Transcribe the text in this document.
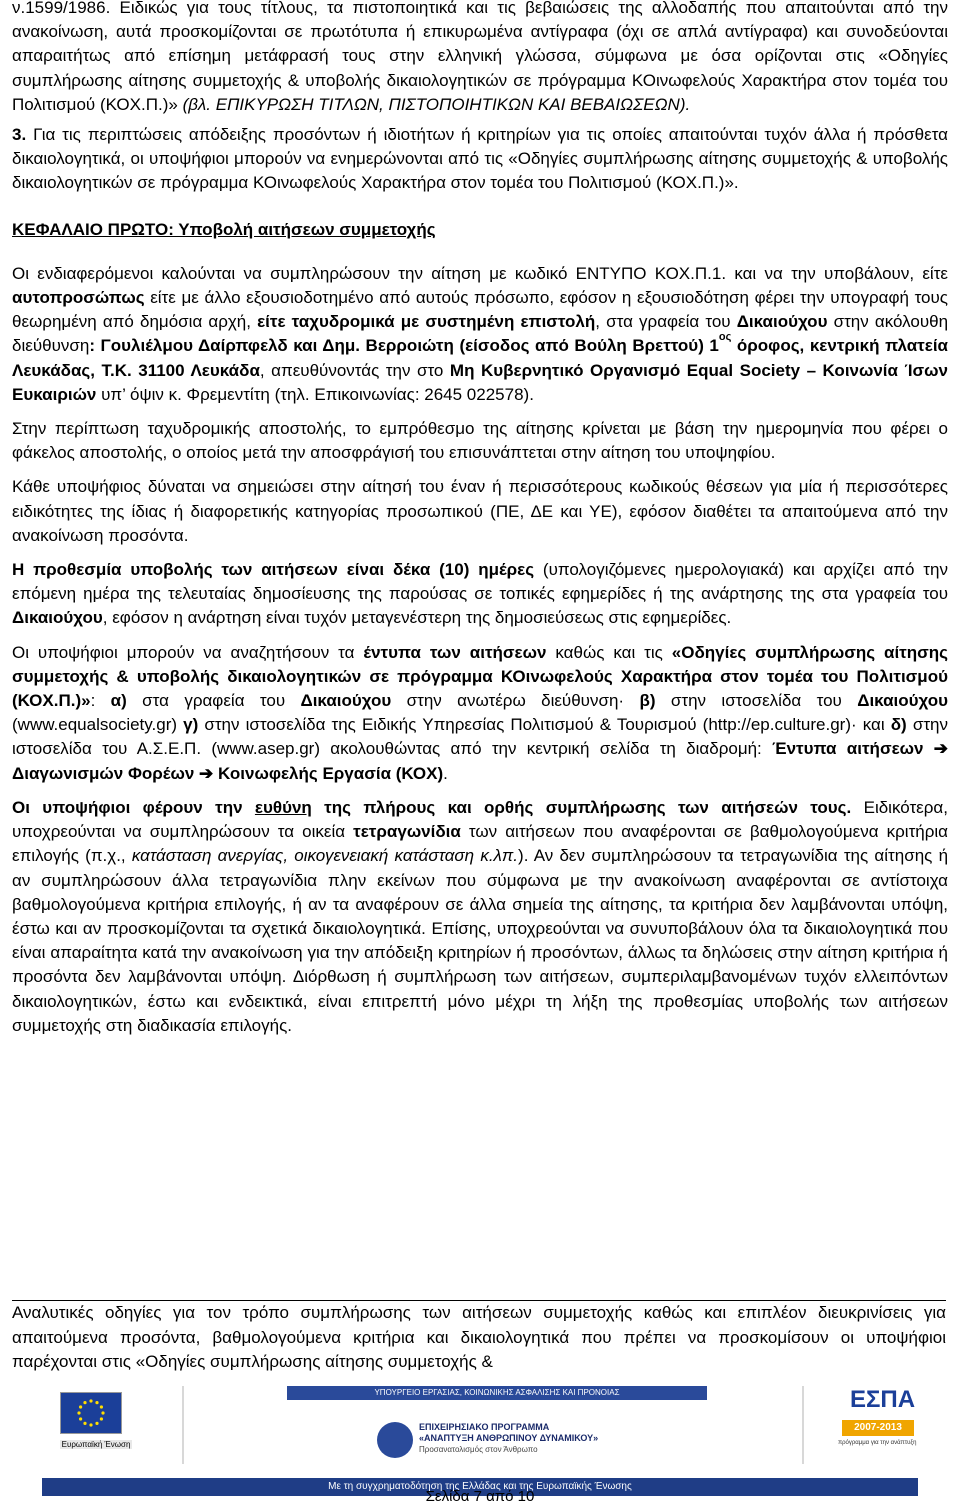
ν.1599/1986. Ειδικώς για τους τίτλους, τα πιστοποιητικά και τις βεβαιώσεις της αλλοδαπής που απαιτούνται από την ανακοίνωση, αυτά προσκομίζονται σε πρωτότυπα ή επικυρωμένα αντίγραφα (όχι σε απλά αντίγραφα) και συνοδεύονται απαραιτήτως από επίσημη μετάφρασή τους στην ελληνική γλώσσα, σύμφωνα με όσα ορίζονται στις «Οδηγίες συμπλήρωσης αίτησης συμμετοχής & υποβολής δικαιολογητικών σε πρόγραμμα ΚΟινωφελούς Χαρακτήρα στον τομέα του Πολιτισμού (ΚΟΧ.Π.)» (βλ. ΕΠΙΚΥΡΩΣΗ ΤΙΤΛΩΝ, ΠΙΣΤΟΠΟΙΗΤΙΚΩΝ ΚΑΙ ΒΕΒΑΙΩΣΕΩΝ).

3. Για τις περιπτώσεις απόδειξης προσόντων ή ιδιοτήτων ή κριτηρίων για τις οποίες απαιτούνται τυχόν άλλα ή πρόσθετα δικαιολογητικά, οι υποψήφιοι μπορούν να ενημερώνονται από τις «Οδηγίες συμπλήρωσης αίτησης συμμετοχής & υποβολής δικαιολογητικών σε πρόγραμμα ΚΟινωφελούς Χαρακτήρα στον τομέα του Πολιτισμού (ΚΟΧ.Π.)».

ΚΕΦΑΛΑΙΟ ΠΡΩΤΟ: Υποβολή αιτήσεων συμμετοχής

Οι ενδιαφερόμενοι καλούνται να συμπληρώσουν την αίτηση με κωδικό ΕΝΤΥΠΟ ΚΟΧ.Π.1. και να την υποβάλουν, είτε αυτοπροσώπως είτε με άλλο εξουσιοδοτημένο από αυτούς πρόσωπο, εφόσον η εξουσιοδότηση φέρει την υπογραφή τους θεωρημένη από δημόσια αρχή, είτε ταχυδρομικά με συστημένη επιστολή, στα γραφεία του Δικαιούχου στην ακόλουθη διεύθυνση: Γουλιέλμου Δαίρπφελδ και Δημ. Βερροιώτη (είσοδος από Βούλη Βρεττού) $1^{o\varsigma}$ όροφος, κεντρική πλατεία Λευκάδας, Τ.Κ. 31100 Λευκάδα, απευθύνοντάς την στο Μη Κυβερνητικό Οργανισμό Equal Society – Κοινωνία Ίσων Ευκαιριών υπ’ όψιν κ. Φρεμεντίτη (τηλ. Επικοινωνίας: 2645 022578).

Στην περίπτωση ταχυδρομικής αποστολής, το εμπρόθεσμο της αίτησης κρίνεται με βάση την ημερομηνία που φέρει ο φάκελος αποστολής, ο οποίος μετά την αποσφράγισή του επισυνάπτεται στην αίτηση του υποψηφίου.

Κάθε υποψήφιος δύναται να σημειώσει στην αίτησή του έναν ή περισσότερους κωδικούς θέσεων για μία ή περισσότερες ειδικότητες της ίδιας ή διαφορετικής κατηγορίας προσωπικού (ΠΕ, ΔΕ και ΥΕ), εφόσον διαθέτει τα απαιτούμενα από την ανακοίνωση προσόντα.

Η προθεσμία υποβολής των αιτήσεων είναι δέκα (10) ημέρες (υπολογιζόμενες ημερολογιακά) και αρχίζει από την επόμενη ημέρα της τελευταίας δημοσίευσης της παρούσας σε τοπικές εφημερίδες ή της ανάρτησης της στα γραφεία του Δικαιούχου, εφόσον η ανάρτηση είναι τυχόν μεταγενέστερη της δημοσιεύσεως στις εφημερίδες.

Οι υποψήφιοι μπορούν να αναζητήσουν τα έντυπα των αιτήσεων καθώς και τις «Οδηγίες συμπλήρωσης αίτησης συμμετοχής & υποβολής δικαιολογητικών σε πρόγραμμα ΚΟινωφελούς Χαρακτήρα στον τομέα του Πολιτισμού (ΚΟΧ.Π.)»: α) στα γραφεία του Δικαιούχου στην ανωτέρω διεύθυνση· β) στην ιστοσελίδα του Δικαιούχου (www.equalsociety.gr) γ) στην ιστοσελίδα της Ειδικής Υπηρεσίας Πολιτισμού & Τουρισμού (http://ep.culture.gr)· και δ) στην ιστοσελίδα του Α.Σ.Ε.Π. (www.asep.gr) ακολουθώντας από την κεντρική σελίδα τη διαδρομή: Έντυπα αιτήσεων ➔ Διαγωνισμών Φορέων ➔ Κοινωφελής Εργασία (ΚΟΧ).

Οι υποψήφιοι φέρουν την ευθύνη της πλήρους και ορθής συμπλήρωσης των αιτήσεών τους. Ειδικότερα, υποχρεούνται να συμπληρώσουν τα οικεία τετραγωνίδια των αιτήσεων που αναφέρονται σε βαθμολογούμενα κριτήρια επιλογής (π.χ., κατάσταση ανεργίας, οικογενειακή κατάσταση κ.λπ.). Αν δεν συμπληρώσουν τα τετραγωνίδια της αίτησης ή αν συμπληρώσουν άλλα τετραγωνίδια πλην εκείνων που σύμφωνα με την ανακοίνωση αναφέρονται σε αντίστοιχα βαθμολογούμενα κριτήρια επιλογής, ή αν τα αναφέρουν σε άλλα σημεία της αίτησης, τα κριτήρια δεν λαμβάνονται υπόψη, έστω και αν προσκομίζονται τα σχετικά δικαιολογητικά. Επίσης, υποχρεούνται να συνυποβάλουν όλα τα δικαιολογητικά που είναι απαραίτητα κατά την ανακοίνωση για την απόδειξη κριτηρίων ή προσόντων, άλλως τα δηλώσεις στην αίτηση κριτήρια ή προσόντα δεν λαμβάνονται υπόψη. Διόρθωση ή συμπλήρωση των αιτήσεων, συμπεριλαμβανομένων τυχόν ελλειπόντων δικαιολογητικών, έστω και ενδεικτικά, είναι επιτρεπτή μόνο μέχρι τη λήξη της προθεσμίας υποβολής των αιτήσεων συμμετοχής στη διαδικασία επιλογής.

Αναλυτικές οδηγίες για τον τρόπο συμπλήρωσης των αιτήσεων συμμετοχής καθώς και επιπλέον διευκρινίσεις για απαιτούμενα προσόντα, βαθμολογούμενα κριτήρια και δικαιολογητικά που πρέπει να προσκομίσουν οι υποψήφιοι παρέχονται στις «Οδηγίες συμπλήρωσης αίτησης συμμετοχής &

Ευρωπαϊκή Ένωση
ΥΠΟΥΡΓΕΙΟ ΕΡΓΑΣΙΑΣ, ΚΟΙΝΩΝΙΚΗΣ ΑΣΦΑΛΙΣΗΣ ΚΑΙ ΠΡΟΝΟΙΑΣ
ΕΠΙΧΕΙΡΗΣΙΑΚΟ ΠΡΟΓΡΑΜΜΑ
«ΑΝΑΠΤΥΞΗ ΑΝΘΡΩΠΙΝΟΥ ΔΥΝΑΜΙΚΟΥ»
Προσανατολισμός στον Άνθρωπο
ΕΣΠΑ
2007-2013
πρόγραμμα για την ανάπτυξη
Με τη συγχρηματοδότηση της Ελλάδας και της Ευρωπαϊκής Ένωσης
Σελίδα 7 από 10
